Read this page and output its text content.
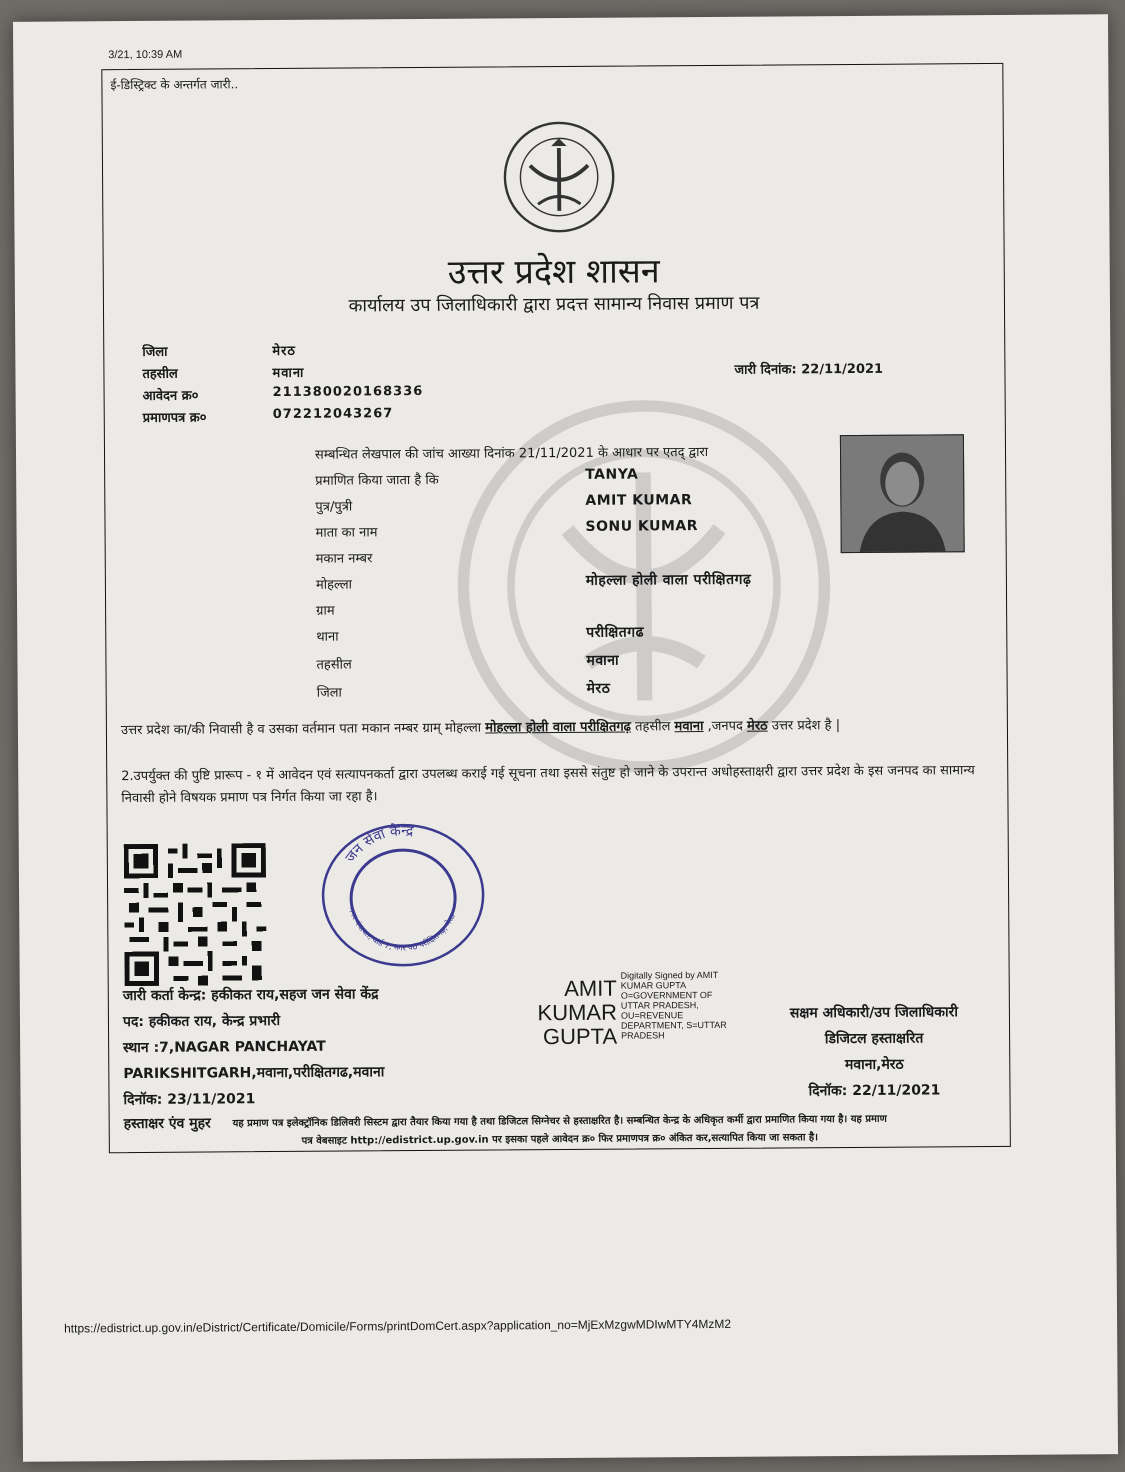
3/21, 10:39 AM
ई-डिस्ट्रिक्ट के अन्तर्गत जारी..
उत्तर प्रदेश शासन
कार्यालय उप जिलाधिकारी द्वारा प्रदत्त सामान्य निवास प्रमाण पत्र
जिला	मेरठ
तहसील	मवाना
आवेदन क्र०	211380020168336
प्रमाणपत्र क्र०	072212043267
जारी दिनांक: 22/11/2021
सम्बन्धित लेखपाल की जांच आख्या दिनांक 21/11/2021 के आधार पर एतद् द्वारा
प्रमाणित किया जाता है कि	TANYA
पुत्र/पुत्री	AMIT KUMAR
माता का नाम	SONU KUMAR
मकान नम्बर
मोहल्ला	मोहल्ला होली वाला परीक्षितगढ़
ग्राम
थाना	परीक्षितगढ
तहसील	मवाना
जिला	मेरठ
उत्तर प्रदेश का/की निवासी है व उसका वर्तमान पता मकान नम्बर ग्राम् मोहल्ला मोहल्ला होली वाला परीक्षितगढ़ तहसील मवाना ,जनपद मेरठ उत्तर प्रदेश है |
2.उपर्युक्त की पुष्टि प्रारूप - १ में आवेदन एवं सत्यापनकर्ता द्वारा उपलब्ध कराई गई सूचना तथा इससे संतुष्ट हो जाने के उपरान्त अधोहस्ताक्षरी द्वारा उत्तर प्रदेश के इस जनपद का सामान्य निवासी होने विषयक प्रमाण पत्र निर्गत किया जा रहा है।
जन सेवा केन्द्र
नगर पंचायत, वार्ड 7, नगर प0 परीक्षितगढ़, मेरठ
जारी कर्ता केन्द्र: हकीकत राय,सहज जन सेवा केंद्र
पद: हकीकत राय, केन्द्र प्रभारी
स्थान :7,NAGAR PANCHAYAT
PARIKSHITGARH,मवाना,परीक्षितगढ,मवाना
दिनॉक: 23/11/2021
हस्ताक्षर एंव मुहर
AMIT
KUMAR
GUPTA
Digitally Signed by AMIT
KUMAR GUPTA
O=GOVERNMENT OF
UTTAR PRADESH,
OU=REVENUE
DEPARTMENT, S=UTTAR
PRADESH
सक्षम अधिकारी/उप जिलाधिकारी
डिजिटल हस्ताक्षरित
मवाना,मेरठ
दिनॉक: 22/11/2021
यह प्रमाण पत्र इलेक्ट्रॉनिक डिलिवरी सिस्टम द्वारा तैयार किया गया है तथा डिजिटल सिग्नेचर से हस्ताक्षरित है। सम्बन्धित केन्द्र के अधिकृत कर्मी द्वारा प्रमाणित किया गया है। यह प्रमाण
पत्र वेबसाइट http://edistrict.up.gov.in पर इसका पहले आवेदन क्र० फिर प्रमाणपत्र क्र० अंकित कर,सत्यापित किया जा सकता है।
https://edistrict.up.gov.in/eDistrict/Certificate/Domicile/Forms/printDomCert.aspx?application_no=MjExMzgwMDIwMTY4MzM2
